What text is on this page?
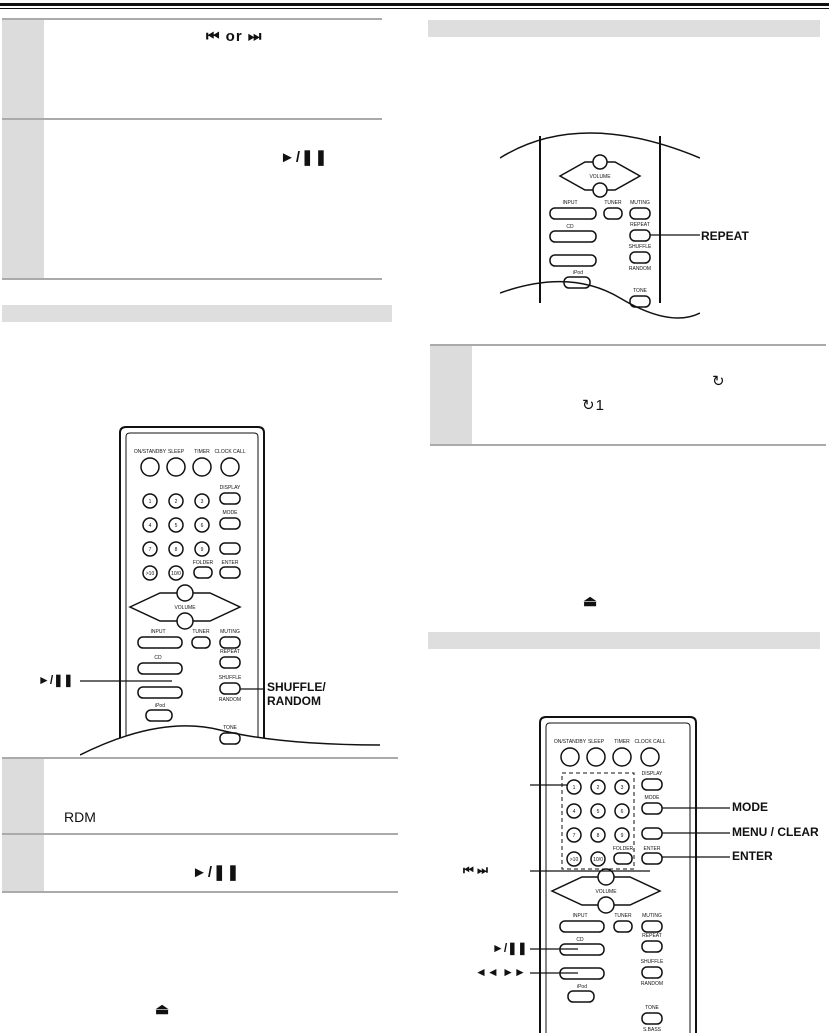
⏮ or ⏭
►/❚❚
ON/STANDBY SLEEP TIMER CLOCK CALL
1	2	3
DISPLAY
4	5	6
MODE
7	8	9
>10	10/0
FOLDER ENTER
VOLUME
INPUT	TUNER MUTING
CD
REPEAT
SHUFFLE
RANDOM
iPod
TONE
►/❚❚	SHUFFLE/
RANDOM
RDM
►/❚❚
⏏
VOLUME
INPUT	TUNER MUTING
CD	REPEAT
SHUFFLE
RANDOM
iPod
TONE
REPEAT
↻
↻1
⏏
ON/STANDBY SLEEP TIMER CLOCK CALL
1	2	3
DISPLAY
4	5	6
MODE
7	8	9
>10	10/0
FOLDER ENTER
VOLUME
INPUT	TUNER MUTING
CD
REPEAT
SHUFFLE
RANDOM
iPod
TONE
S.BASS
MODE
MENU / CLEAR
ENTER
⏮ ⏭
►/❚❚
◄◄ ►►
